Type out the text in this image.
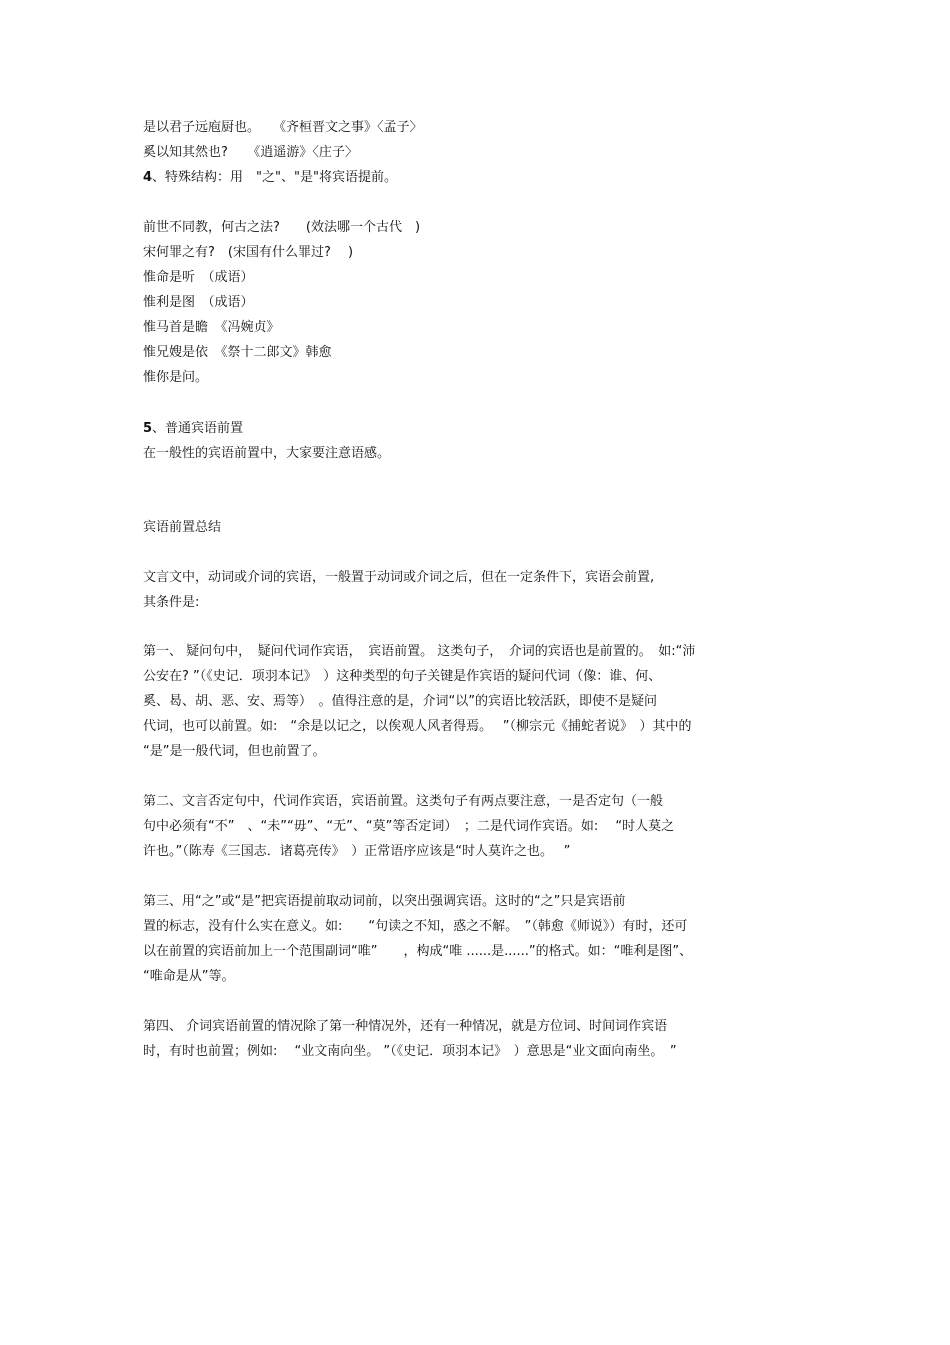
是以君子远庖厨也。　　《齐桓晋文之事》〈孟子〉
奚以知其然也?　　《逍遥游》〈庄子〉
4、特殊结构：用　"之"、"是"将宾语提前。
前世不同教，何古之法?　　(效法哪一个古代　)
宋何罪之有?　(宋国有什么罪过?　 )
惟命是听　（成语）
惟利是图　（成语）
惟马首是瞻　《冯婉贞》
惟兄嫂是依　《祭十二郎文》韩愈
惟你是问。
5、普通宾语前置
在一般性的宾语前置中，大家要注意语感。
宾语前置总结
文言文中，动词或介词的宾语，一般置于动词或介词之后，但在一定条件下，宾语会前置,
其条件是:
第一、 疑问句中，　疑问代词作宾语，　宾语前置。 这类句子，　介词的宾语也是前置的。　如:“沛
公安在? ”（《史记．项羽本记》　）这种类型的句子关键是作宾语的疑问代词（像：谁、何、
奚、曷、胡、恶、安、焉等）　。值得注意的是，介词“以”的宾语比较活跃，即使不是疑问
代词，也可以前置。如:　“余是以记之，以俟观人风者得焉。　 ”（柳宗元《捕蛇者说》　）其中的
“是”是一般代词，但也前置了。
第二、文言否定句中，代词作宾语，宾语前置。这类句子有两点要注意，一是否定句（一般
句中必须有“不”　、“未”“毋”、“无”、“莫”等否定词）　；二是代词作宾语。如:　 “时人莫之
许也。”（陈寿《三国志．诸葛亮传》　）正常语序应该是“时人莫许之也。　 ”
第三、用“之”或“是”把宾语提前取动词前，以突出强调宾语。这时的“之”只是宾语前
置的标志，没有什么实在意义。如:　　“句读之不知，惑之不解。　”（韩愈《师说》）有时，还可
以在前置的宾语前加上一个范围副词“唯”　　，构成“唯 ......是......”的格式。如：“唯利是图”、
“唯命是从”等。
第四、 介词宾语前置的情况除了第一种情况外，还有一种情况，就是方位词、时间词作宾语
时，有时也前置；例如:　 “业文南向坐。 ”（《史记．项羽本记》　）意思是“业文面向南坐。　”
